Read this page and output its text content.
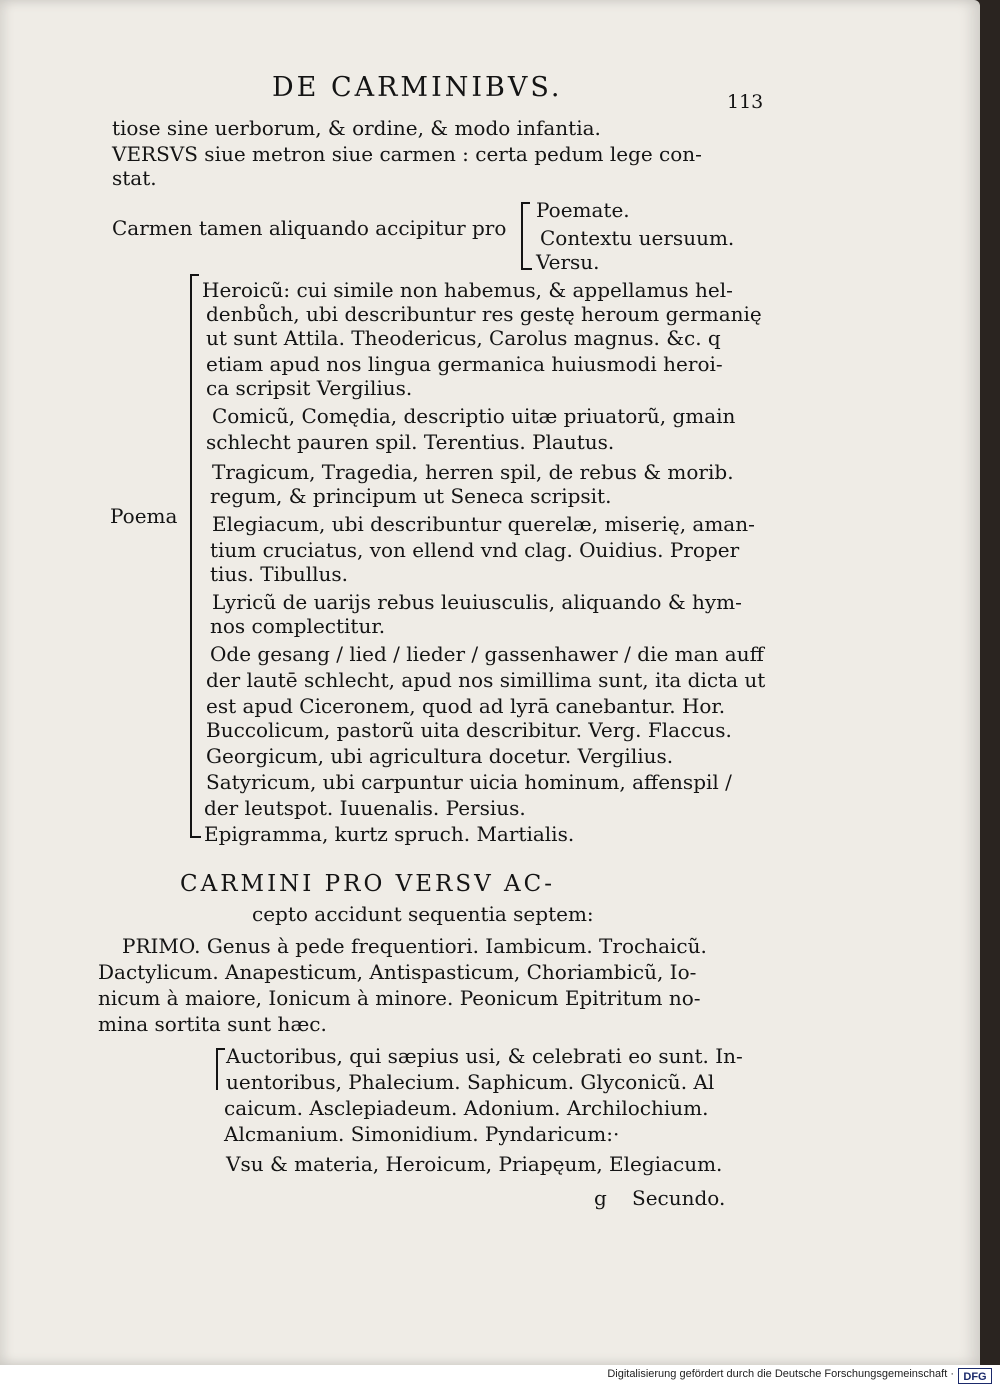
DE CARMINIBVS.	113
tiose sine uerborum, & ordine, & modo infantia.
VERSVS siue metron siue carmen : certa pedum lege con-
stat.
Carmen tamen aliquando accipitur pro
Poemate.
Contextu uersuum.
Versu.
Poema
Heroicũ: cui simile non habemus, & appellamus hel-
denbůch, ubi describuntur res gestę heroum germanię
ut sunt Attila. Theodericus, Carolus magnus. &c. q
etiam apud nos lingua germanica huiusmodi heroi-
ca scripsit Vergilius.
Comicũ, Comędia, descriptio uitæ priuatorũ, gmain
schlecht pauren spil. Terentius. Plautus.
Tragicum, Tragedia, herren spil, de rebus & morib.
regum, & principum ut Seneca scripsit.
Elegiacum, ubi describuntur querelæ, miserię, aman-
tium cruciatus, von ellend vnd clag. Ouidius. Proper
tius. Tibullus.
Lyricũ de uarijs rebus leuiusculis, aliquando & hym-
nos complectitur.
Ode gesang / lied / lieder / gassenhawer / die man auff
der lautē schlecht, apud nos simillima sunt, ita dicta ut
est apud Ciceronem, quod ad lyrā canebantur. Hor.
Buccolicum, pastorũ uita describitur. Verg. Flaccus.
Georgicum, ubi agricultura docetur. Vergilius.
Satyricum, ubi carpuntur uicia hominum, affenspil /
der leutspot. Iuuenalis. Persius.
Epigramma, kurtz spruch. Martialis.
CARMINI PRO VERSV AC-
cepto accidunt sequentia septem:
PRIMO. Genus à pede frequentiori. Iambicum. Trochaicũ.
Dactylicum. Anapesticum, Antispasticum, Choriambicũ, Io-
nicum à maiore, Ionicum à minore. Peonicum Epitritum no-
mina sortita sunt hæc.
Auctoribus, qui sæpius usi, & celebrati eo sunt. In-
uentoribus, Phalecium. Saphicum. Glyconicũ. Al
caicum. Asclepiadeum. Adonium. Archilochium.
Alcmanium. Simonidium. Pyndaricum:·
Vsu & materia, Heroicum, Priapęum, Elegiacum.
g Secundo.
Digitalisierung gefördert durch die Deutsche Forschungsgemeinschaft · DFG
